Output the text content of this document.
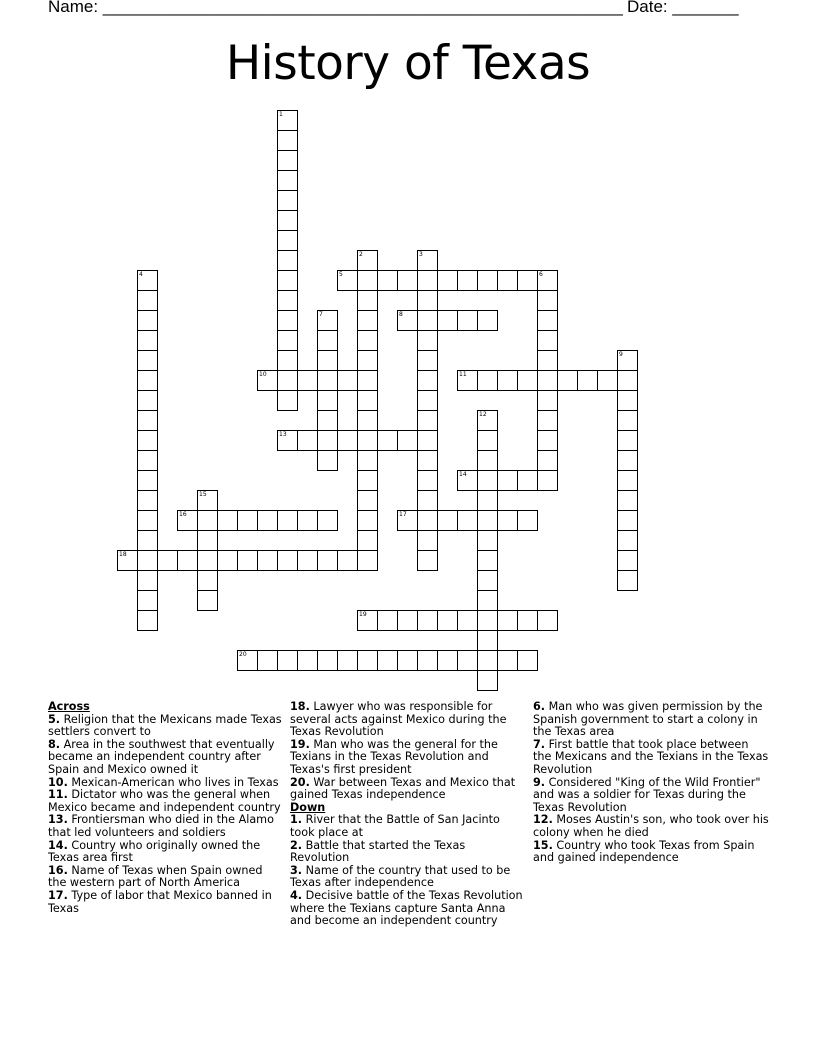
Name: _______________________________________________________ Date: _______
History of Texas
1
2	3
4	5	6
7	8
9
10	11
12
13
14
15
16	17
18
19
20
Across
5. Religion that the Mexicans made Texas settlers convert to
8. Area in the southwest that eventually became an independent country after Spain and Mexico owned it
10. Mexican-American who lives in Texas
11. Dictator who was the general when Mexico became and independent country
13. Frontiersman who died in the Alamo that led volunteers and soldiers
14. Country who originally owned the Texas area first
16. Name of Texas when Spain owned the western part of North America
17. Type of labor that Mexico banned in Texas
18. Lawyer who was responsible for several acts against Mexico during the Texas Revolution
19. Man who was the general for the Texians in the Texas Revolution and Texas's first president
20. War between Texas and Mexico that gained Texas independence
Down
1. River that the Battle of San Jacinto took place at
2. Battle that started the Texas Revolution
3. Name of the country that used to be Texas after independence
4. Decisive battle of the Texas Revolution where the Texians capture Santa Anna and become an independent country
6. Man who was given permission by the Spanish government to start a colony in the Texas area
7. First battle that took place between the Mexicans and the Texians in the Texas Revolution
9. Considered "King of the Wild Frontier" and was a soldier for Texas during the Texas Revolution
12. Moses Austin's son, who took over his colony when he died
15. Country who took Texas from Spain and gained independence
